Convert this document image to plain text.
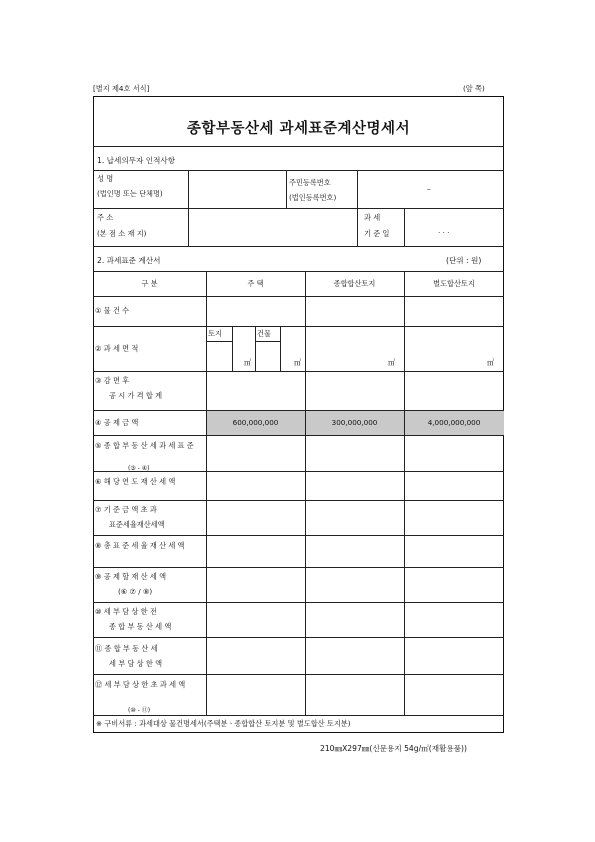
[별지 제4호 서식]	(앞 쪽)
종합부동산세 과세표준계산명세서
1. 납세의무자 인적사항
성 명
(법인명 또는 단체명)
주민등록번호
(법인등록번호)
–
주 소
(본 점 소 재 지)
과 세
기 준 일	. . .
2. 과세표준 계산서	(단위 : 원)
구 분	주 택	종합합산토지	별도합산토지
① 물 건 수
② 과 세 면 적
토지	건물
㎡	㎡	㎡	㎡
③ 감 면 후
공 시 가 격 합 계
④ 공 제 금 액	600,000,000	300,000,000	4,000,000,000
⑤ 종 합 부 동 산 세 과 세 표 준
(③ - ④)
⑥ 해 당 연 도 재 산 세 액
⑦ 기 준 금 액 초 과
표준세율재산세액
⑧ 총 표 준 세 율 재 산 세 액
⑨ 공 제 할 재 산 세 액
(⑥ ⑦ / ⑧)
⑩ 세 부 담 상 한 전
종 합 부 동 산 세 액
⑪ 종 합 부 동 산 세
세 부 담 상 한 액
⑫ 세 부 담 상 한 초 과 세 액
(⑩ - ⑪)
※ 구비서류 : 과세대상 물건명세서(주택분ㆍ종합합산 토지분 및 별도합산 토지분)
210㎜X297㎜(신문용지 54g/㎡(재활용품))
